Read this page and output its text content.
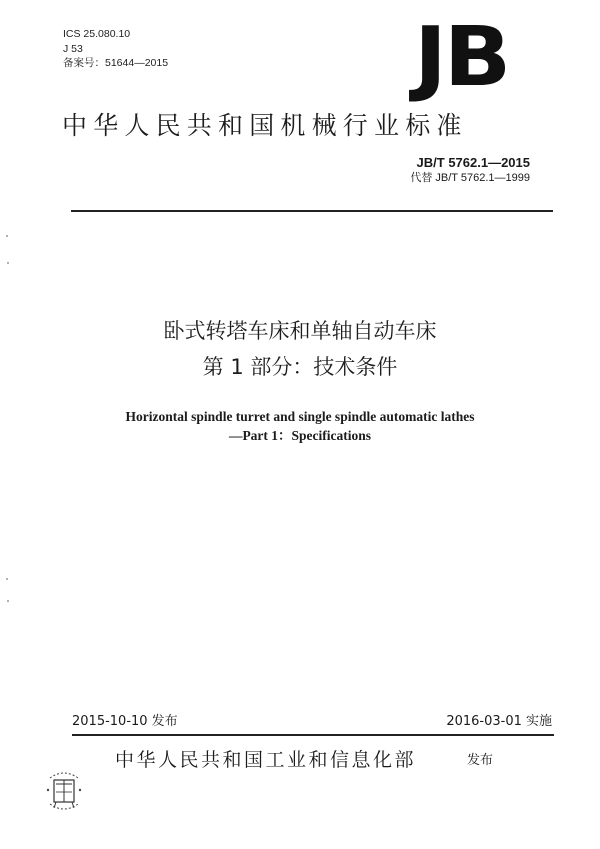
ICS 25.080.10
J 53
备案号：51644—2015	JB
中华人民共和国机械行业标准
JB/T 5762.1—2015
代替 JB/T 5762.1—1999
卧式转塔车床和单轴自动车床
第 1 部分：技术条件
Horizontal spindle turret and single spindle automatic lathes
—Part 1：Specifications
2015-10-10 发布	2016-03-01 实施
中华人民共和国工业和信息化部	发布
